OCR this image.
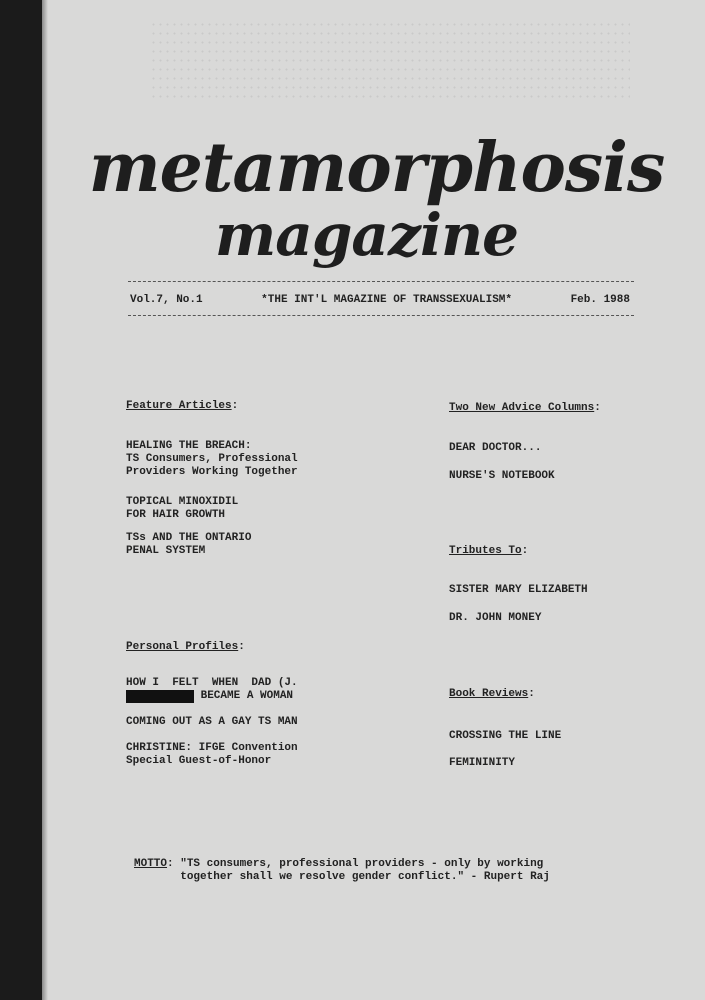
metamorphosis
magazine
Vol.7, No.1	*THE INT'L MAGAZINE OF TRANSSEXUALISM*	Feb. 1988
Feature Articles:
HEALING THE BREACH:
TS Consumers, Professional
Providers Working Together
TOPICAL MINOXIDIL
FOR HAIR GROWTH
TSs AND THE ONTARIO
PENAL SYSTEM
Personal Profiles:
HOW I  FELT  WHEN  DAD (J.
BECAME A WOMAN
COMING OUT AS A GAY TS MAN
CHRISTINE: IFGE Convention
Special Guest-of-Honor
Two New Advice Columns:
DEAR DOCTOR...
NURSE'S NOTEBOOK
Tributes To:
SISTER MARY ELIZABETH
DR. JOHN MONEY
Book Reviews:
CROSSING THE LINE
FEMININITY
MOTTO: "TS consumers, professional providers - only by working
together shall we resolve gender conflict." - Rupert Raj
